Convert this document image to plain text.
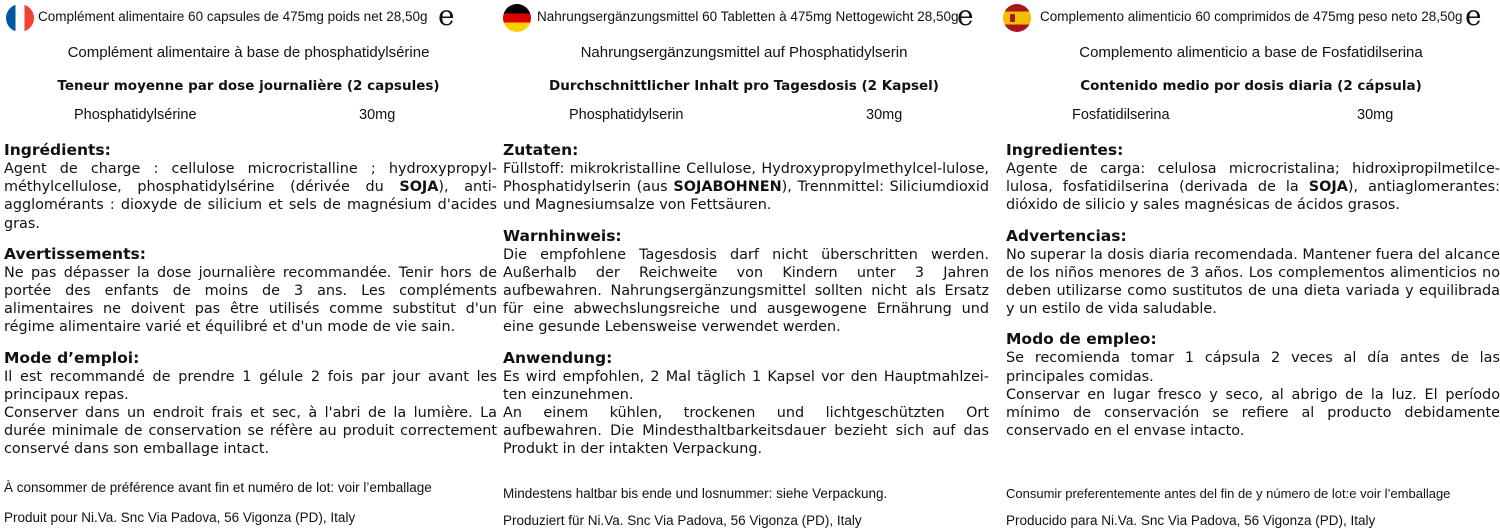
Complément alimentaire 60 capsules de 475mg poids net 28,50g e
Complément alimentaire à base de phosphatidylsérine
Teneur moyenne par dose journalière (2 capsules)
Phosphatidylsérine	30mg
Ingrédients:
Agent de charge : cellulose microcristalline ; hydroxypropyl-méthylcellulose, phosphatidylsérine (dérivée du SOJA), anti-agglomérants : dioxyde de silicium et sels de magnésium d'acides gras.
Avertissements:
Ne pas dépasser la dose journalière recommandée. Tenir hors de portée des enfants de moins de 3 ans. Les compléments alimentaires ne doivent pas être utilisés comme substitut d'un régime alimentaire varié et équilibré et d'un mode de vie sain.
Mode d’emploi:

Il est recommandé de prendre 1 gélule 2 fois par jour avant les principaux repas.

Conserver dans un endroit frais et sec, à l'abri de la lumière. La durée minimale de conservation se réfère au produit correctement conservé dans son emballage intact.

À consommer de préférence avant fin et numéro de lot: voir l’emballage
Produit pour Ni.Va. Snc Via Padova, 56 Vigonza (PD), Italy
Nahrungsergänzungsmittel 60 Tabletten à 475mg Nettogewicht 28,50g
e
Nahrungsergänzungsmittel auf Phosphatidylserin
Durchschnittlicher Inhalt pro Tagesdosis (2 Kapsel)
Phosphatidylserin	30mg
Zutaten:
Füllstoff: mikrokristalline Cellulose, Hydroxypropylmethylcel-lulose, Phosphatidylserin (aus SOJABOHNEN), Trennmittel: Siliciumdioxid und Magnesiumsalze von Fettsäuren.
Warnhinweis:
Die empfohlene Tagesdosis darf nicht überschritten werden. Außerhalb der Reichweite von Kindern unter 3 Jahren aufbewahren. Nahrungsergänzungsmittel sollten nicht als Ersatz für eine abwechslungsreiche und ausgewogene Ernährung und eine gesunde Lebensweise verwendet werden.
Anwendung:

Es wird empfohlen, 2 Mal täglich 1 Kapsel vor den Hauptmahlzei-ten einzunehmen.

An einem kühlen, trockenen und lichtgeschützten Ort aufbewahren. Die Mindesthaltbarkeitsdauer bezieht sich auf das Produkt in der intakten Verpackung.

Mindestens haltbar bis ende und losnummer: siehe Verpackung.
Produziert für Ni.Va. Snc Via Padova, 56 Vigonza (PD), Italy
Complemento alimenticio 60 comprimidos de 475mg peso neto 28,50g e
Complemento alimenticio a base de Fosfatidilserina
Contenido medio por dosis diaria (2 cápsula)
Fosfatidilserina	30mg
Ingredientes:
Agente de carga: celulosa microcristalina; hidroxipropilmetilce-lulosa, fosfatidilserina (derivada de la SOJA), antiaglomerantes: dióxido de silicio y sales magnésicas de ácidos grasos.
Advertencias:
No superar la dosis diaria recomendada. Mantener fuera del alcance de los niños menores de 3 años. Los complementos alimenticios no deben utilizarse como sustitutos de una dieta variada y equilibrada y un estilo de vida saludable.
Modo de empleo:

Se recomienda tomar 1 cápsula 2 veces al día antes de las principales comidas.

Conservar en lugar fresco y seco, al abrigo de la luz. El período mínimo de conservación se refiere al producto debidamente conservado en el envase intacto.

Consumir preferentemente antes del fin de y número de lot:e voir l’emballage
Producido para Ni.Va. Snc Via Padova, 56 Vigonza (PD), Italy
